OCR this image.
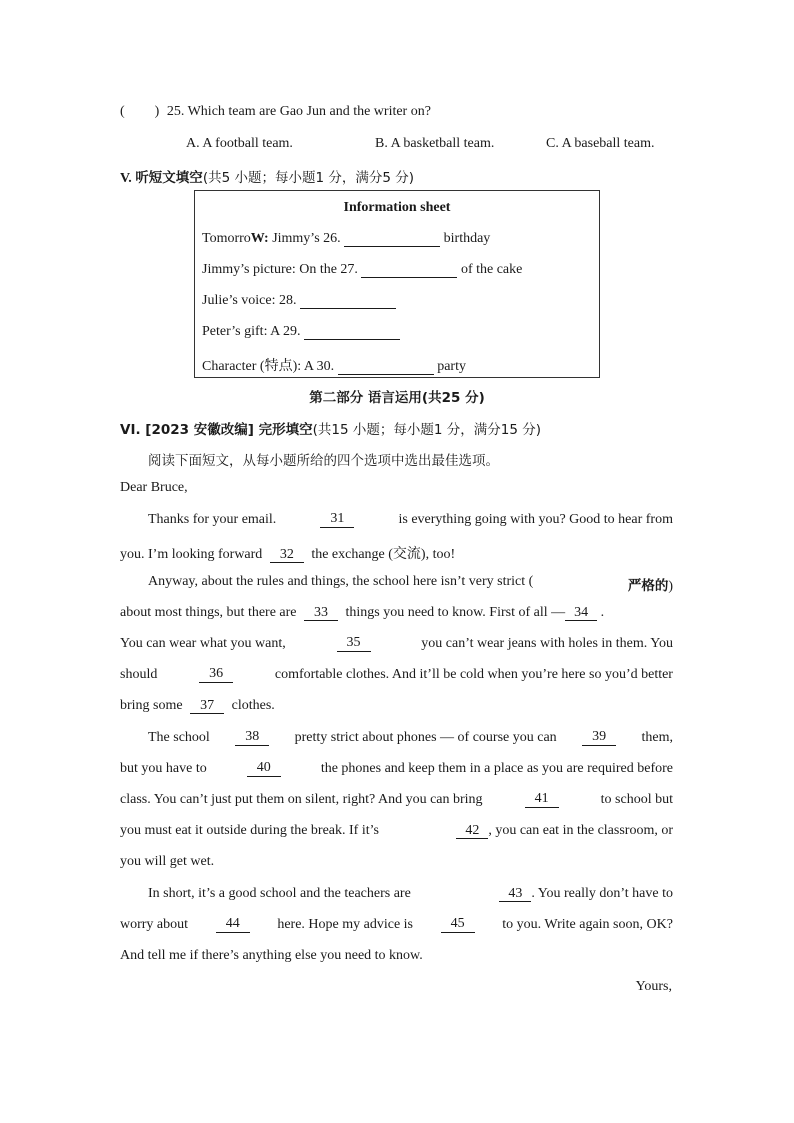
( ) 25. Which team are Gao Jun and the writer on?
A. A football team.	B. A basketball team.	C. A baseball team.
V. 听短文填空(共5 小题；每小题1 分，满分5 分)
Information sheet
TomorroW: Jimmy’s 26.	birthday
Jimmy’s picture: On the 27.	of the cake
Julie’s voice: 28.
Peter’s gift: A 29.
Character (特点): A 30.	party
第二部分 语言运用(共25 分)
VI. [2023 安徽改编] 完形填空(共15 小题；每小题1 分，满分15 分)
阅读下面短文，从每小题所给的四个选项中选出最佳选项。
Dear Bruce,
Thanks for your email.	31	is everything going with you? Good to hear from
you. I’m looking forward 32 the exchange (交流), too!
Anyway, about the rules and things, the school here isn’t very strict (	严格的)
about most things, but there are 33 things you need to know. First of all — 34 .
You can wear what you want,	35	you can’t wear jeans with holes in them. You
should	36	comfortable clothes. And it’ll be cold when you’re here so you’d better
bring some 37 clothes.
The school	38	pretty strict about phones — of course you can	39	them,
but you have to	40	the phones and keep them in a place as you are required before
class. You can’t just put them on silent, right? And you can bring	41	to school but
you must eat it outside during the break. If it’s	42 , you can eat in the classroom, or
you will get wet.
In short, it’s a good school and the teachers are	43 . You really don’t have to
worry about	44	here. Hope my advice is	45	to you. Write again soon, OK?
And tell me if there’s anything else you need to know.
Yours,
